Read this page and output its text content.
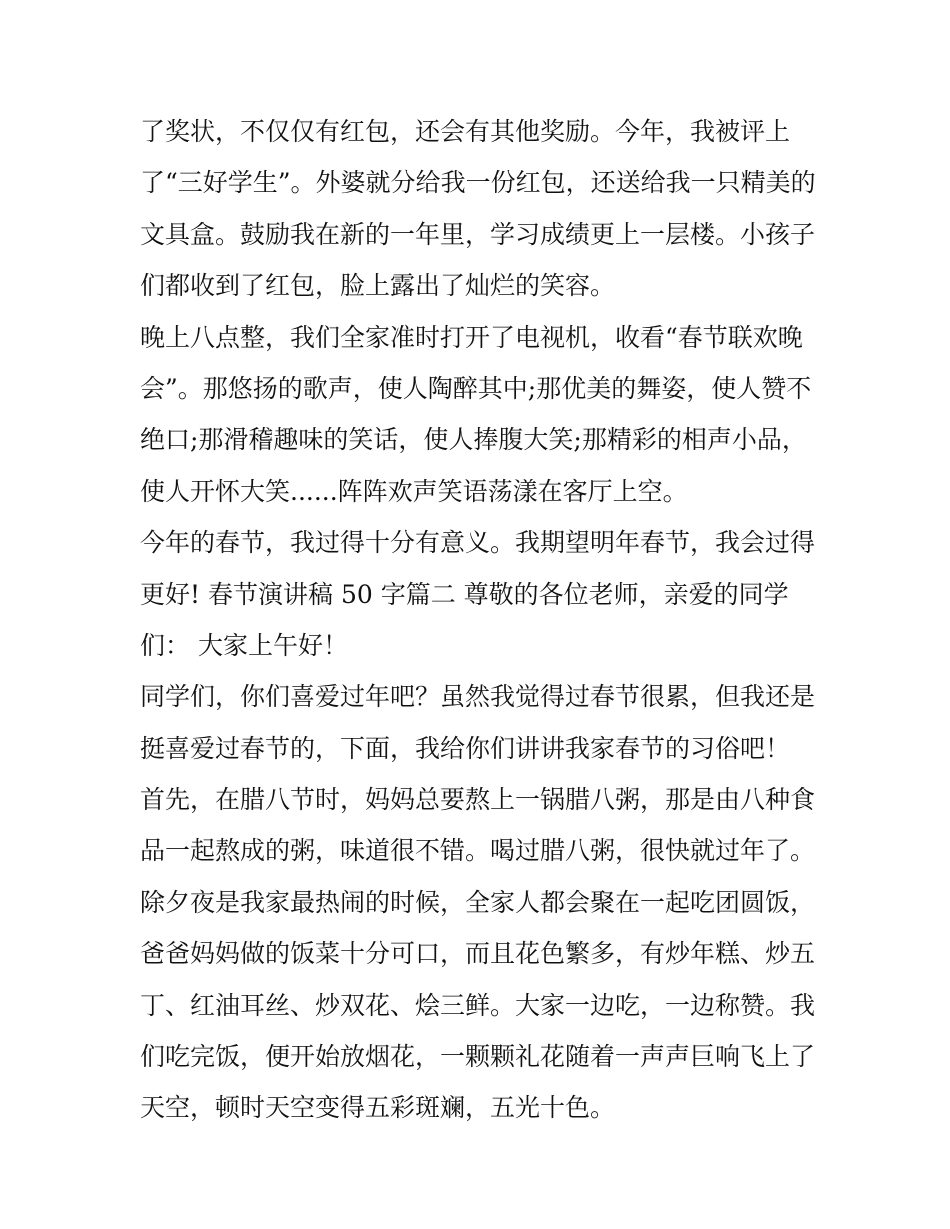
了奖状，不仅仅有红包，还会有其他奖励。今年，我被评上
了“三好学生”。外婆就分给我一份红包，还送给我一只精美的
文具盒。鼓励我在新的一年里，学习成绩更上一层楼。小孩子
们都收到了红包，脸上露出了灿烂的笑容。
晚上八点整，我们全家准时打开了电视机，收看“春节联欢晚
会”。那悠扬的歌声，使人陶醉其中;那优美的舞姿，使人赞不
绝口;那滑稽趣味的笑话，使人捧腹大笑;那精彩的相声小品，
使人开怀大笑......阵阵欢声笑语荡漾在客厅上空。
今年的春节，我过得十分有意义。我期望明年春节，我会过得
更好! 春节演讲稿 50 字篇二 尊敬的各位老师，亲爱的同学
们： 大家上午好！
同学们，你们喜爱过年吧？虽然我觉得过春节很累，但我还是
挺喜爱过春节的，下面，我给你们讲讲我家春节的习俗吧！
首先，在腊八节时，妈妈总要熬上一锅腊八粥，那是由八种食
品一起熬成的粥，味道很不错。喝过腊八粥，很快就过年了。
除夕夜是我家最热闹的时候，全家人都会聚在一起吃团圆饭，
爸爸妈妈做的饭菜十分可口，而且花色繁多，有炒年糕、炒五
丁、红油耳丝、炒双花、烩三鲜。大家一边吃，一边称赞。我
们吃完饭，便开始放烟花，一颗颗礼花随着一声声巨响飞上了
天空，顿时天空变得五彩斑斓，五光十色。
